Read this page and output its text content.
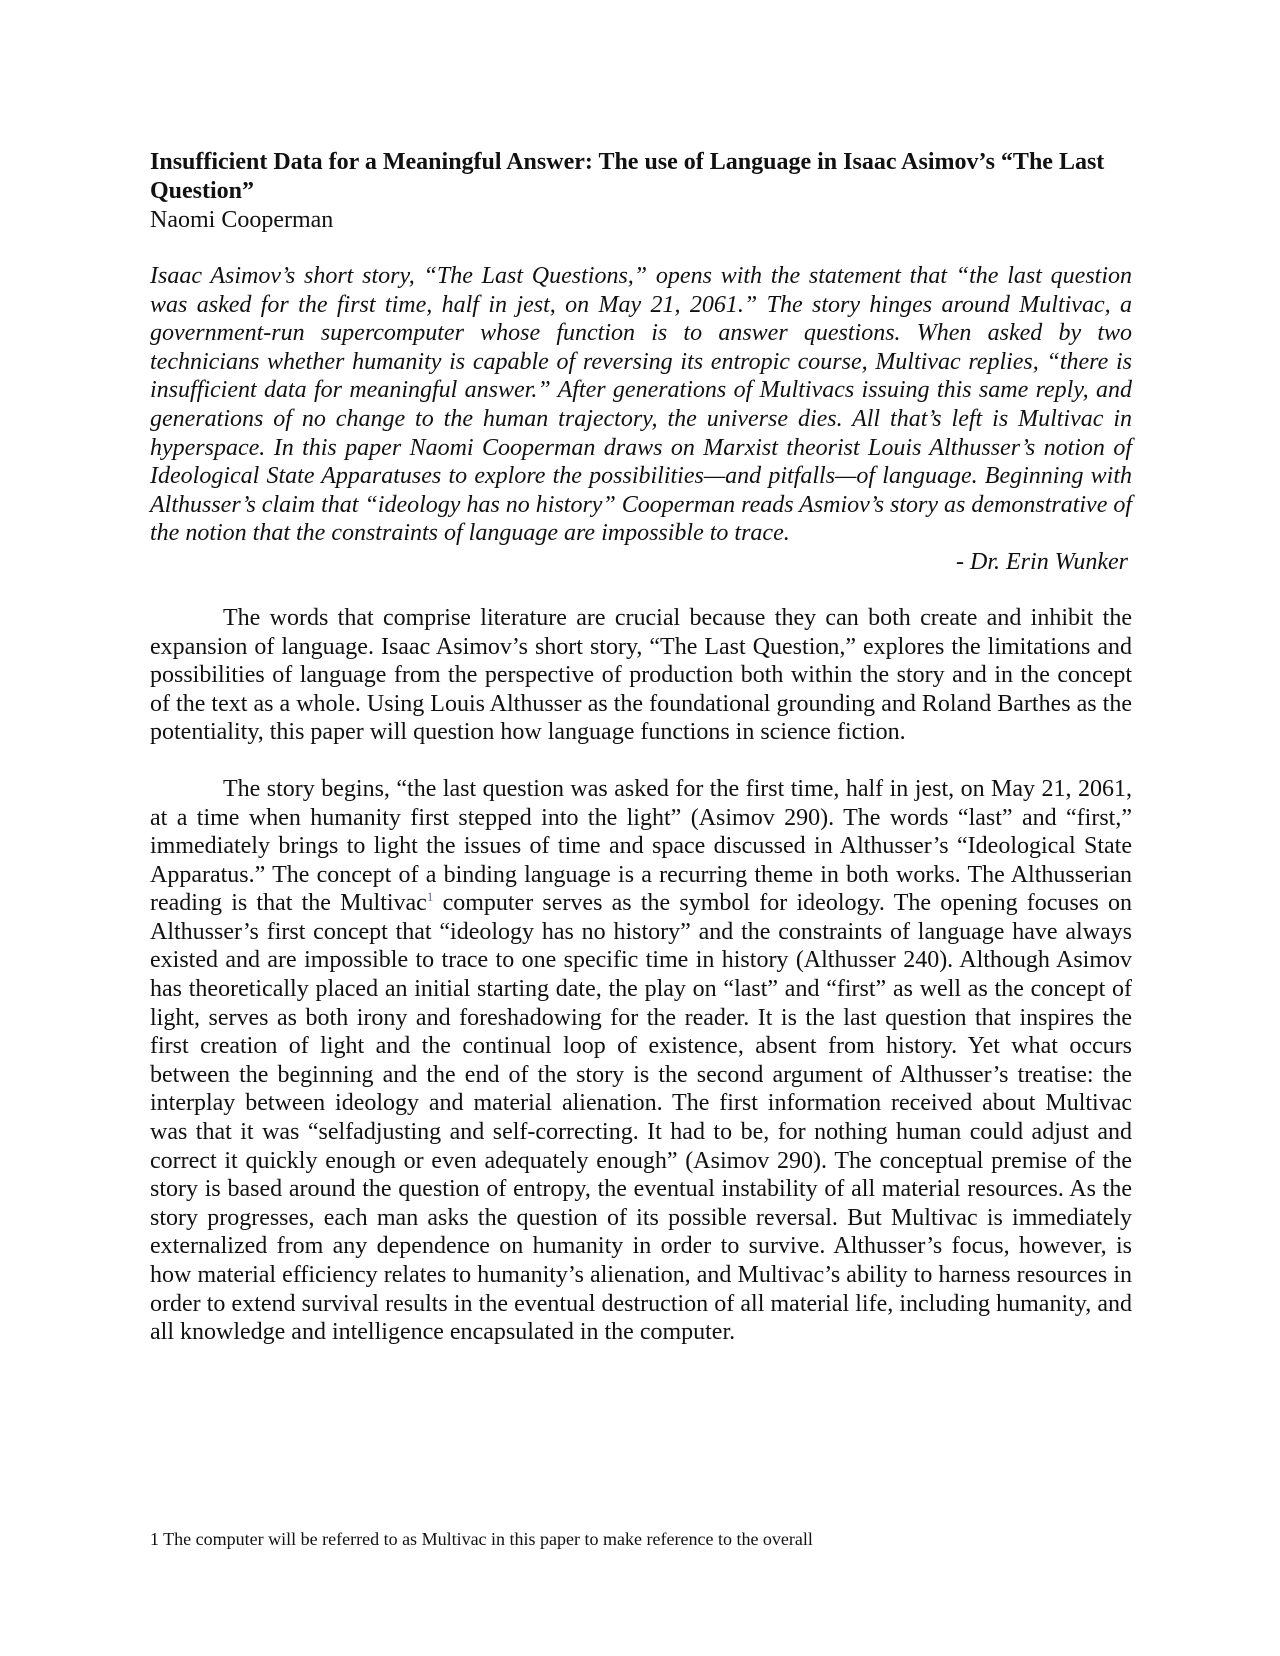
Insufficient Data for a Meaningful Answer: The use of Language in Isaac Asimov’s “The Last Question”

Naomi Cooperman

Isaac Asimov’s short story, “The Last Questions,” opens with the statement that “the last question was asked for the first time, half in jest, on May 21, 2061.” The story hinges around Multivac, a government-run supercomputer whose function is to answer questions. When asked by two technicians whether humanity is capable of reversing its entropic course, Multivac replies, “there is insufficient data for meaningful answer.” After generations of Multivacs issuing this same reply, and generations of no change to the human trajectory, the universe dies. All that’s left is Multivac in hyperspace. In this paper Naomi Cooperman draws on Marxist theorist Louis Althusser’s notion of Ideological State Apparatuses to explore the possibilities—and pitfalls—of language. Beginning with Althusser’s claim that “ideology has no history” Cooperman reads Asmiov’s story as demonstrative of the notion that the constraints of language are impossible to trace.

- Dr. Erin Wunker

The words that comprise literature are crucial because they can both create and inhibit the expansion of language. Isaac Asimov’s short story, “The Last Question,” explores the limitations and possibilities of language from the perspective of production both within the story and in the concept of the text as a whole. Using Louis Althusser as the foundational grounding and Roland Barthes as the potentiality, this paper will question how language functions in science fiction.

The story begins, “the last question was asked for the first time, half in jest, on May 21, 2061, at a time when humanity first stepped into the light” (Asimov 290). The words “last” and “first,” immediately brings to light the issues of time and space discussed in Althusser’s “Ideological State Apparatus.” The concept of a binding language is a recurring theme in both works. The Althusserian reading is that the Multivac$^1$ computer serves as the symbol for ideology. The opening focuses on Althusser’s first concept that “ideology has no history” and the constraints of language have always existed and are impossible to trace to one specific time in history (Althusser 240). Although Asimov has theoretically placed an initial starting date, the play on “last” and “first” as well as the concept of light, serves as both irony and foreshadowing for the reader. It is the last question that inspires the first creation of light and the continual loop of existence, absent from history. Yet what occurs between the beginning and the end of the story is the second argument of Althusser’s treatise: the interplay between ideology and material alienation. The first information received about Multivac was that it was “selfadjusting and self-correcting. It had to be, for nothing human could adjust and correct it quickly enough or even adequately enough” (Asimov 290). The conceptual premise of the story is based around the question of entropy, the eventual instability of all material resources. As the story progresses, each man asks the question of its possible reversal. But Multivac is immediately externalized from any dependence on humanity in order to survive. Althusser’s focus, however, is how material efficiency relates to humanity’s alienation, and Multivac’s ability to harness resources in order to extend survival results in the eventual destruction of all material life, including humanity, and all knowledge and intelligence encapsulated in the computer.

1 The computer will be referred to as Multivac in this paper to make reference to the overall
